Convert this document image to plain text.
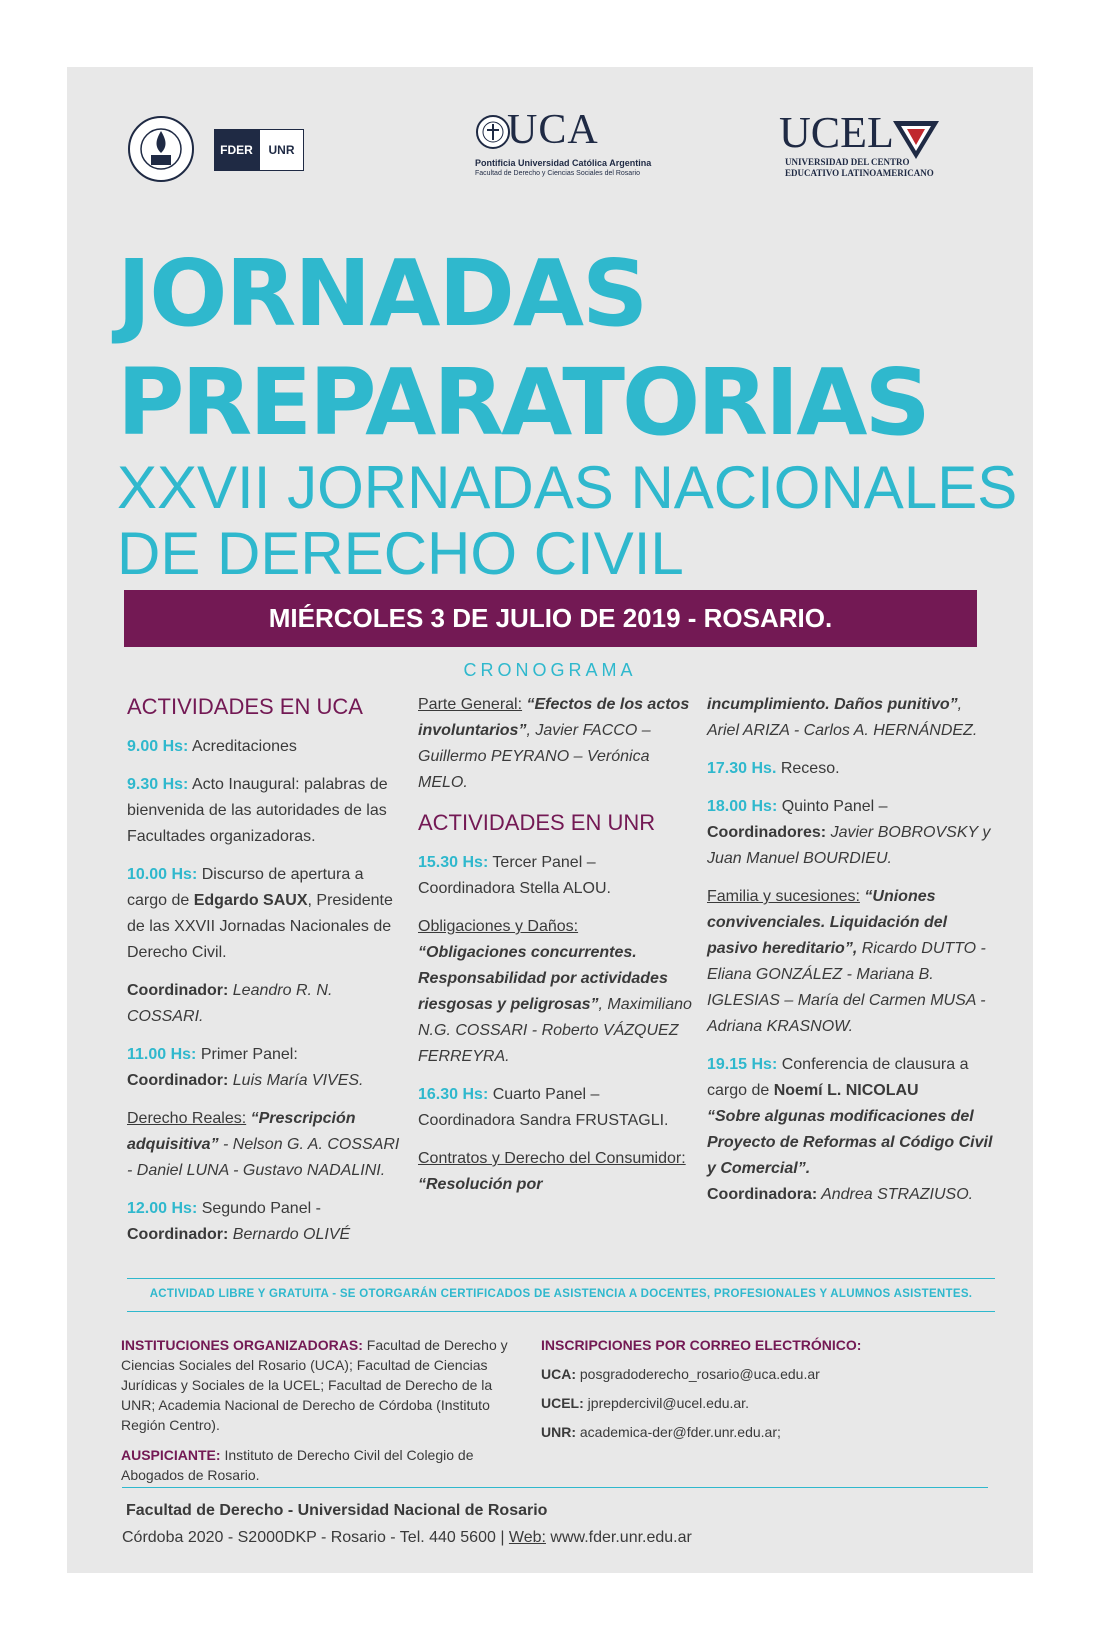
FDER	UNR	UCA
Pontificia Universidad Católica Argentina
Facultad de Derecho y Ciencias Sociales del Rosario
UCEL
UNIVERSIDAD DEL CENTRO
EDUCATIVO LATINOAMERICANO
JORNADAS
PREPARATORIAS
XXVII JORNADAS NACIONALES
DE DERECHO CIVIL
MIÉRCOLES 3 DE JULIO DE 2019 - ROSARIO.
CRONOGRAMA

ACTIVIDADES EN UCA

9.00 Hs: Acreditaciones

9.30 Hs: Acto Inaugural: palabras de bienvenida de las autoridades de las Facultades organizadoras.

10.00 Hs: Discurso de apertura a cargo de Edgardo SAUX, Presidente de las XXVII Jornadas Nacionales de Derecho Civil.

Coordinador: Leandro R. N. COSSARI.

11.00 Hs: Primer Panel:
Coordinador: Luis María VIVES.

Derecho Reales: “Prescripción adquisitiva” - Nelson G. A. COSSARI - Daniel LUNA - Gustavo NADALINI.

12.00 Hs: Segundo Panel -
Coordinador: Bernardo OLIVÉ

Parte General: “Efectos de los actos involuntarios”, Javier FACCO – Guillermo PEYRANO – Verónica MELO.

ACTIVIDADES EN UNR

15.30 Hs: Tercer Panel – Coordinadora Stella ALOU.

Obligaciones y Daños:
“Obligaciones concurrentes. Responsabilidad por actividades riesgosas y peligrosas”, Maximiliano N.G. COSSARI - Roberto VÁZQUEZ FERREYRA.

16.30 Hs: Cuarto Panel – Coordinadora Sandra FRUSTAGLI.

Contratos y Derecho del Consumidor: “Resolución por

incumplimiento. Daños punitivo”, Ariel ARIZA - Carlos A. HERNÁNDEZ.

17.30 Hs. Receso.

18.00 Hs: Quinto Panel –
Coordinadores: Javier BOBROVSKY y Juan Manuel BOURDIEU.

Familia y sucesiones: “Uniones convivenciales. Liquidación del pasivo hereditario”, Ricardo DUTTO - Eliana GONZÁLEZ - Mariana B. IGLESIAS – María del Carmen MUSA - Adriana KRASNOW.

19.15 Hs: Conferencia de clausura a cargo de Noemí L. NICOLAU
“Sobre algunas modificaciones del Proyecto de Reformas al Código Civil y Comercial”.
Coordinadora: Andrea STRAZIUSO.

ACTIVIDAD LIBRE Y GRATUITA - SE OTORGARÁN CERTIFICADOS DE ASISTENCIA A DOCENTES, PROFESIONALES Y ALUMNOS ASISTENTES.

INSTITUCIONES ORGANIZADORAS: Facultad de Derecho y Ciencias Sociales del Rosario (UCA); Facultad de Ciencias Jurídicas y Sociales de la UCEL; Facultad de Derecho de la UNR; Academia Nacional de Derecho de Córdoba (Instituto Región Centro).

AUSPICIANTE: Instituto de Derecho Civil del Colegio de Abogados de Rosario.

INSCRIPCIONES POR CORREO ELECTRÓNICO:

UCA: posgradoderecho_rosario@uca.edu.ar

UCEL: jprepdercivil@ucel.edu.ar.

UNR: academica-der@fder.unr.edu.ar;

Facultad de Derecho - Universidad Nacional de Rosario
Córdoba 2020 - S2000DKP - Rosario - Tel. 440 5600 | Web: www.fder.unr.edu.ar
